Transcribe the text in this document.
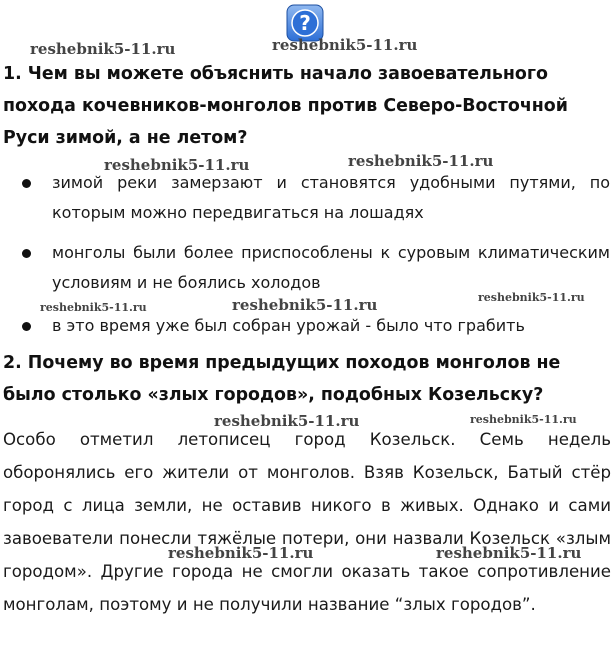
?
reshebnik5-11.ru	reshebnik5-11.ru
reshebnik5-11.ru	reshebnik5-11.ru
reshebnik5-11.ru	reshebnik5-11.ru	reshebnik5-11.ru
reshebnik5-11.ru	reshebnik5-11.ru
reshebnik5-11.ru	reshebnik5-11.ru

1. Чем вы можете объяснить начало завоевательного похода кочевников-монголов против Северо-Восточной Руси зимой, а не летом?

зимой реки замерзают и становятся удобными путями, по которым можно передвигаться на лошадях
монголы были более приспособлены к суровым климатическим условиям и не боялись холодов
в это время уже был собран урожай - было что грабить

2. Почему во время предыдущих походов монголов не было столько «злых городов», подобных Козельску?

Особо отметил летописец город Козельск. Семь недель оборонялись его жители от монголов. Взяв Козельск, Батый стёр город с лица земли, не оставив никого в живых. Однако и сами завоеватели понесли тяжёлые потери, они назвали Козельск «злым городом». Другие города не смогли оказать такое сопротивление монголам, поэтому и не получили название “злых городов”.
